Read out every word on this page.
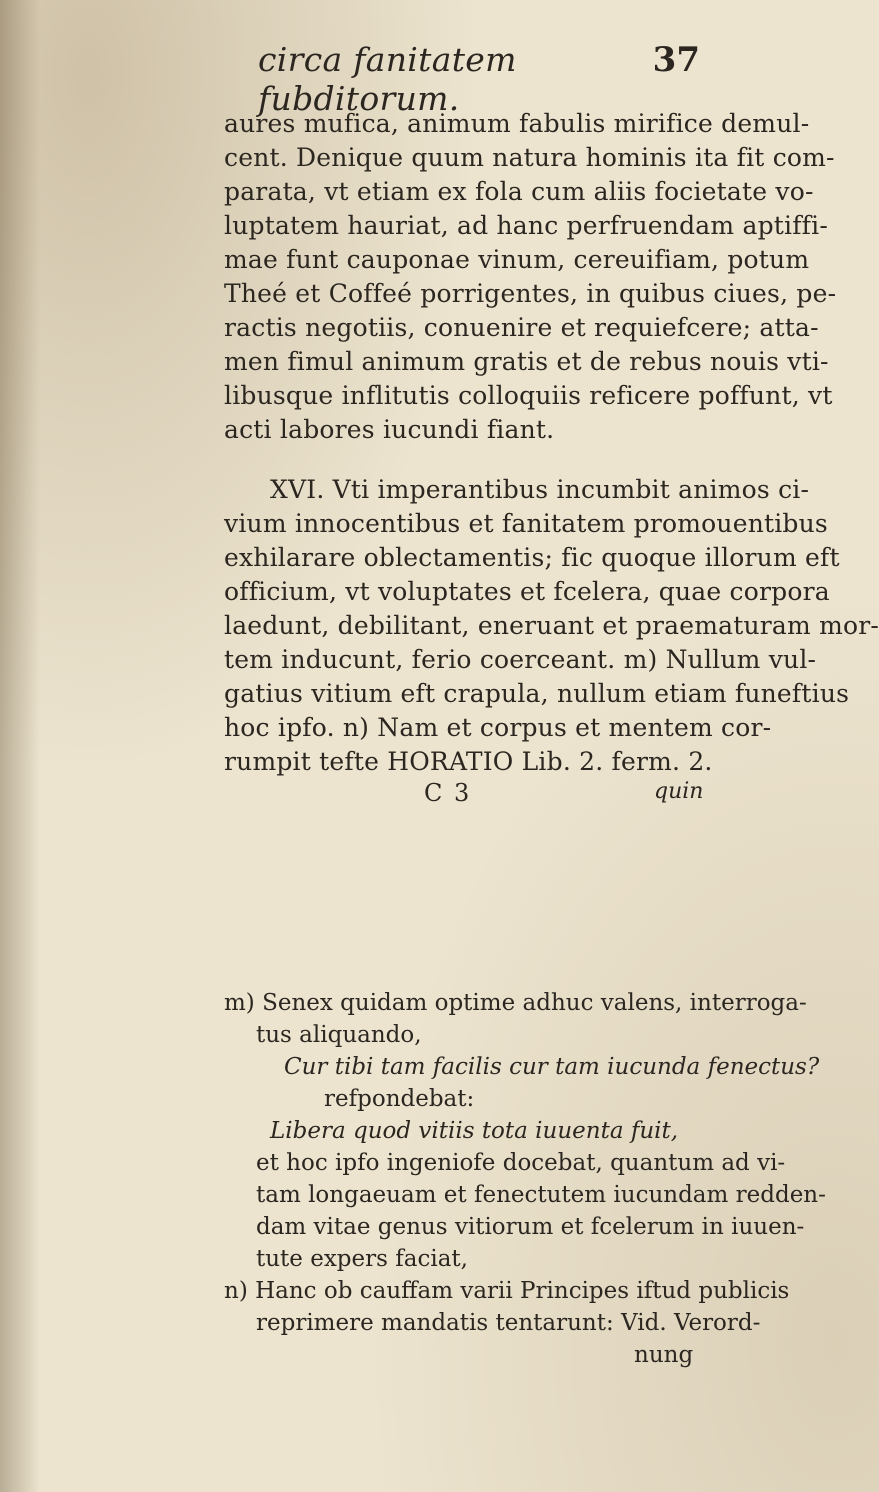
circa fanitatem fubditorum.
37
aures mufica, animum fabulis mirifice demul-
cent. Denique quum natura hominis ita fit com-
parata, vt etiam ex fola cum aliis focietate vo-
luptatem hauriat, ad hanc perfruendam aptiffi-
mae funt cauponae vinum, cereuifiam, potum
Theé et Coffeé porrigentes, in quibus ciues, pe-
ractis negotiis, conuenire et requiefcere; atta-
men fimul animum gratis et de rebus nouis vti-
libusque inflitutis colloquiis reficere poffunt, vt
acti labores iucundi fiant.
XVI. Vti imperantibus incumbit animos ci-
vium innocentibus et fanitatem promouentibus
exhilarare oblectamentis; fic quoque illorum eft
officium, vt voluptates et fcelera, quae corpora
laedunt, debilitant, eneruant et praematuram mor-
tem inducunt, ferio coerceant. m) Nullum vul-
gatius vitium eft crapula, nullum etiam funeftius
hoc ipfo. n) Nam et corpus et mentem cor-
rumpit tefte HORATIO Lib. 2. ferm. 2.
C 3	quin
m) Senex quidam optime adhuc valens, interroga-
tus aliquando,
Cur tibi tam facilis cur tam iucunda fenectus?
refpondebat:
Libera quod vitiis tota iuuenta fuit,
et hoc ipfo ingeniofe docebat, quantum ad vi-
tam longaeuam et fenectutem iucundam redden-
dam vitae genus vitiorum et fcelerum in iuuen-
tute expers faciat,
n) Hanc ob cauffam varii Principes iftud publicis
reprimere mandatis tentarunt: Vid. Verord-
nung
